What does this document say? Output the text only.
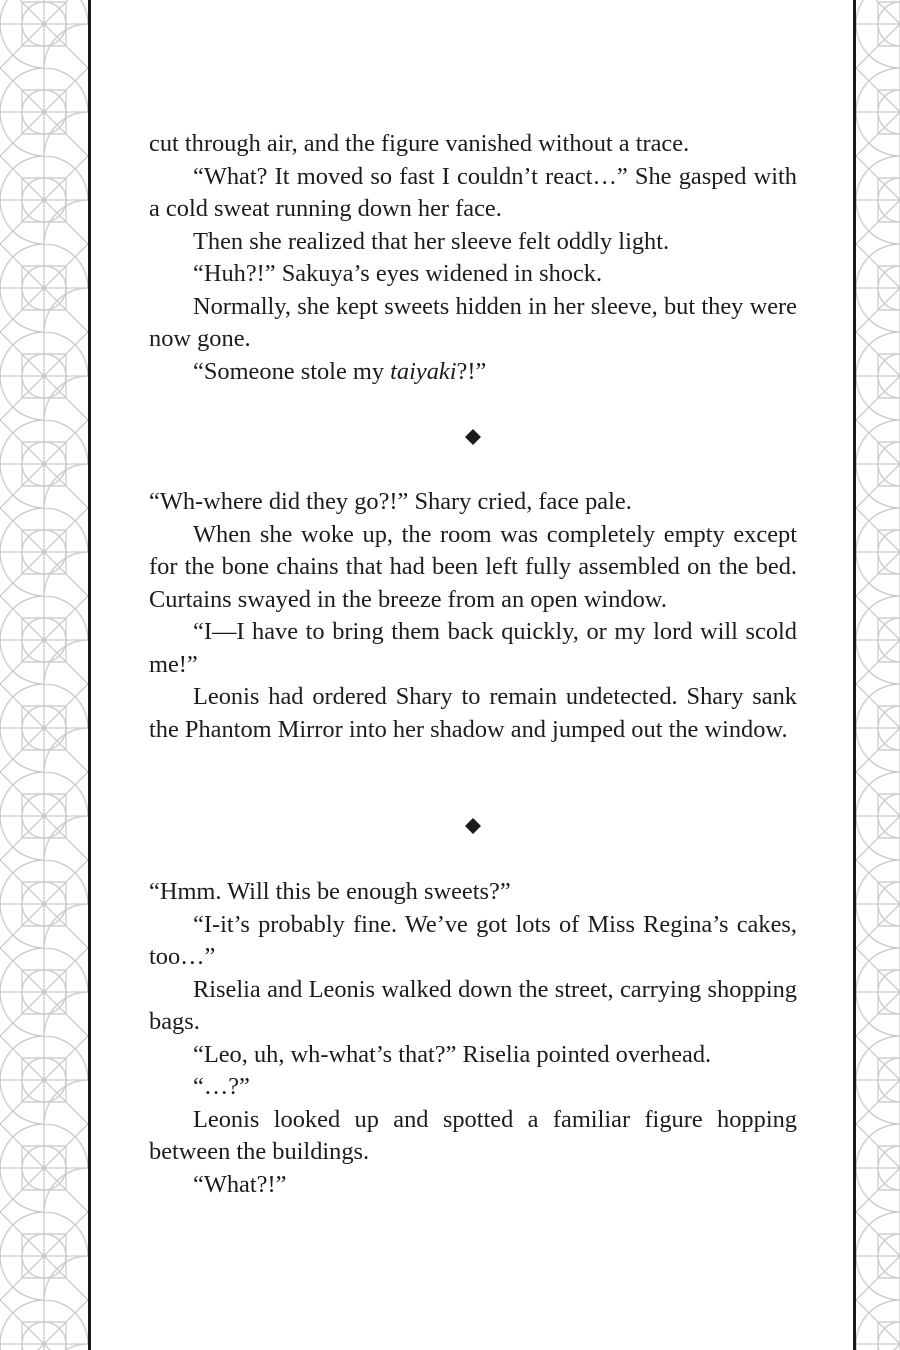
cut through air, and the figure vanished without a trace.

“What? It moved so fast I couldn’t react…” She gasped with a cold sweat running down her face.

Then she realized that her sleeve felt oddly light.

“Huh?!” Sakuya’s eyes widened in shock.

Normally, she kept sweets hidden in her sleeve, but they were now gone.

“Someone stole my taiyaki?!”

“Wh-where did they go?!” Shary cried, face pale.

When she woke up, the room was completely empty except for the bone chains that had been left fully assembled on the bed. Curtains swayed in the breeze from an open window.

“I—I have to bring them back quickly, or my lord will scold me!”

Leonis had ordered Shary to remain undetected. Shary sank the Phantom Mirror into her shadow and jumped out the window.

“Hmm. Will this be enough sweets?”

“I-it’s probably fine. We’ve got lots of Miss Regina’s cakes, too…”

Riselia and Leonis walked down the street, carrying shopping bags.

“Leo, uh, wh-what’s that?” Riselia pointed overhead.

“…?”

Leonis looked up and spotted a familiar figure hopping between the buildings.

“What?!”
